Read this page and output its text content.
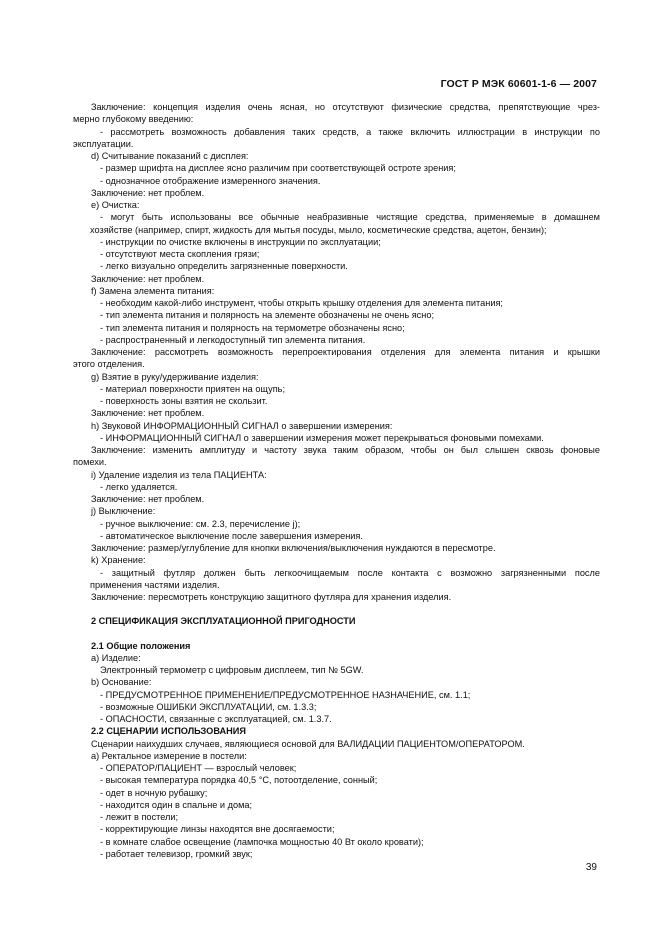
ГОСТ Р МЭК 60601-1-6 — 2007
Заключение: концепция изделия очень ясная, но отсутствуют физические средства, препятствующие чрез-
мерно глубокому введению:
- рассмотреть возможность добавления таких средств, а также включить иллюстрации в инструкции по
эксплуатации.
d) Считывание показаний с дисплея:
- размер шрифта на дисплее ясно различим при соответствующей остроте зрения;
- однозначное отображение измеренного значения.
Заключение: нет проблем.
e) Очистка:
- могут быть использованы все обычные неабразивные чистящие средства, применяемые в домашнем
хозяйстве (например, спирт, жидкость для мытья посуды, мыло, косметические средства, ацетон, бензин);
- инструкции по очистке включены в инструкции по эксплуатации;
- отсутствуют места скопления грязи;
- легко визуально определить загрязненные поверхности.
Заключение: нет проблем.
f) Замена элемента питания:
- необходим какой-либо инструмент, чтобы открыть крышку отделения для элемента питания;
- тип элемента питания и полярность на элементе обозначены не очень ясно;
- тип элемента питания и полярность на термометре обозначены ясно;
- распространенный и легкодоступный тип элемента питания.
Заключение: рассмотреть возможность перепроектирования отделения для элемента питания и крышки
этого отделения.
g) Взятие в руку/удерживание изделия:
- материал поверхности приятен на ощупь;
- поверхность зоны взятия не скользит.
Заключение: нет проблем.
h) Звуковой ИНФОРМАЦИОННЫЙ СИГНАЛ о завершении измерения:
- ИНФОРМАЦИОННЫЙ СИГНАЛ о завершении измерения может перекрываться фоновыми помехами.
Заключение: изменить амплитуду и частоту звука таким образом, чтобы он был слышен сквозь фоновые
помехи.
i) Удаление изделия из тела ПАЦИЕНТА:
- легко удаляется.
Заключение: нет проблем.
j) Выключение:
- ручное выключение: см. 2.3, перечисление j);
- автоматическое выключение после завершения измерения.
Заключение: размер/углубление для кнопки включения/выключения нуждаются в пересмотре.
k) Хранение:
- защитный футляр должен быть легкоочищаемым после контакта с возможно загрязненными после
применения частями изделия.
Заключение: пересмотреть конструкцию защитного футляра для хранения изделия.
2 СПЕЦИФИКАЦИЯ ЭКСПЛУАТАЦИОННОЙ ПРИГОДНОСТИ
2.1 Общие положения
a) Изделие:
Электронный термометр с цифровым дисплеем, тип № 5GW.
b) Основание:
- ПРЕДУСМОТРЕННОЕ ПРИМЕНЕНИЕ/ПРЕДУСМОТРЕННОЕ НАЗНАЧЕНИЕ, см. 1.1;
- возможные ОШИБКИ ЭКСПЛУАТАЦИИ, см. 1.3.3;
- ОПАСНОСТИ, связанные с эксплуатацией, см. 1.3.7.
2.2 СЦЕНАРИИ ИСПОЛЬЗОВАНИЯ
Сценарии наихудших случаев, являющиеся основой для ВАЛИДАЦИИ ПАЦИЕНТОМ/ОПЕРАТОРОМ.
a) Ректальное измерение в постели:
- ОПЕРАТОР/ПАЦИЕНТ — взрослый человек;
- высокая температура порядка 40,5 °C, потоотделение, сонный;
- одет в ночную рубашку;
- находится один в спальне и дома;
- лежит в постели;
- корректирующие линзы находятся вне досягаемости;
- в комнате слабое освещение (лампочка мощностью 40 Вт около кровати);
- работает телевизор, громкий звук;
39
